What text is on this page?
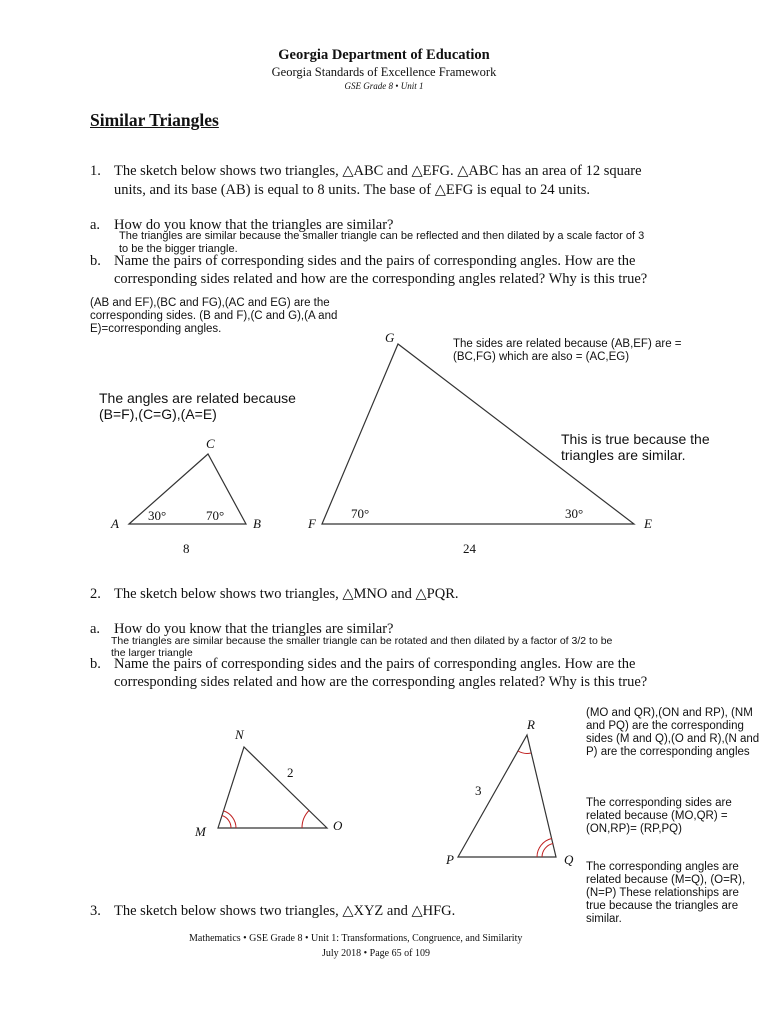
Georgia Department of Education
Georgia Standards of Excellence Framework
GSE Grade 8 • Unit 1
Similar Triangles
1. The sketch below shows two triangles, △ABC and △EFG. △ABC has an area of 12 square
units, and its base (AB) is equal to 8 units. The base of △EFG is equal to 24 units.
a. How do you know that the triangles are similar?
The triangles are similar because the smaller triangle can be reflected and then dilated by a scale factor of 3
to be the bigger triangle.
b. Name the pairs of corresponding sides and the pairs of corresponding angles. How are the
corresponding sides related and how are the corresponding angles related? Why is this true?
(AB and EF),(BC and FG),(AC and EG) are the corresponding sides. (B and F),(C and G),(A and E)=corresponding angles.
The sides are related because (AB,EF) are = (BC,FG) which are also = (AC,EG)
The angles are related because (B=F),(C=G),(A=E)
This is true because the triangles are similar.
A	B
C
30°	70°
8
F	E
G
70°	30°
24
2. The sketch below shows two triangles, △MNO and △PQR.
a. How do you know that the triangles are similar?
The triangles are similar because the smaller triangle can be rotated and then dilated by a factor of 3/2 to be
the larger triangle
b. Name the pairs of corresponding sides and the pairs of corresponding angles. How are the
corresponding sides related and how are the corresponding angles related? Why is this true?
M
N
O
2
P	Q
R
3
(MO and QR),(ON and RP), (NM and PQ) are the corresponding sides (M and Q),(O and R),(N and P) are the corresponding angles
The corresponding sides are related because (MO,QR) =(ON,RP)= (RP,PQ)
The corresponding angles are related because (M=Q), (O=R),(N=P) These relationships are true because the triangles are similar.
3. The sketch below shows two triangles, △XYZ and △HFG.
Mathematics • GSE Grade 8 • Unit 1: Transformations, Congruence, and Similarity
July 2018 • Page 65 of 109
